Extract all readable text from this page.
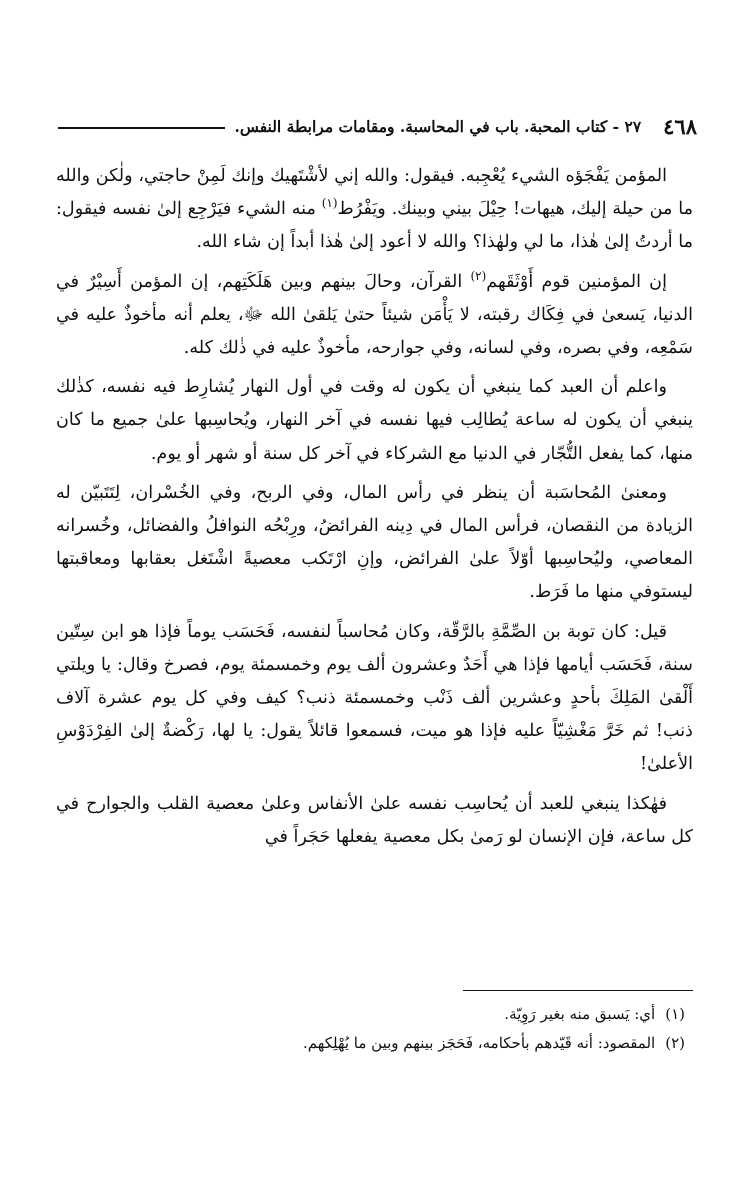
٤٦٨
٢٧ - كتاب المحبة. باب في المحاسبة. ومقامات مرابطة النفس.

المؤمن يَفْجَؤه الشيء يُعْجِبه. فيقول: والله إني لأشْتَهيك وإنك لَمِنْ حاجتي، ولٰكن والله ما من حيلة إليك، هيهات! حِيْلَ بيني وبينك. ويَفْرُط$^{(١)}$ منه الشيء فيَرْجِع إلىٰ نفسه فيقول: ما أردتُ إلىٰ هٰذا، ما لي ولهٰذا؟ والله لا أعود إلىٰ هٰذا أبداً إن شاء الله.

إن المؤمنين قوم أَوْثَقَهم$^{(٢)}$ القرآن، وحالَ بينهم وبين هَلَكَتِهم، إن المؤمن أَسِيْرٌ في الدنيا، يَسعىٰ في فِكَاك رقبته، لا يَأْمَن شيئاً حتىٰ يَلقىٰ الله ﷻ، يعلم أنه مأخوذٌ عليه في سَمْعِه، وفي بصره، وفي لسانه، وفي جوارحه، مأخوذٌ عليه في ذٰلك كله.

واعلم أن العبد كما ينبغي أن يكون له وقت في أول النهار يُشارِط فيه نفسه، كذٰلك ينبغي أن يكون له ساعة يُطالِب فيها نفسه في آخر النهار، ويُحاسِبها علىٰ جميع ما كان منها، كما يفعل التُّجّار في الدنيا مع الشركاء في آخر كل سنة أو شهر أو يوم.

ومعنىٰ المُحاسَبة أن ينظر في رأس المال، وفي الربح، وفي الخُسْران، لِتَتَبيّن له الزيادة من النقصان، فرأس المال في دِينه الفرائضُ، ورِبْحُه النوافلُ والفضائل، وخُسرانه المعاصي، وليُحاسِبها أوّلاً علىٰ الفرائض، وإنِ ارْتَكب معصيةً اشْتَغل بعقابها ومعاقبتها ليستوفي منها ما فَرَط.

قيل: كان توبة بن الصِّمَّةِ بالرَّقّة، وكان مُحاسباً لنفسه، فَحَسَب يوماً فإذا هو ابن سِتّين سنة، فَحَسَب أيامها فإذا هي أَحَدٌ وعشرون ألف يوم وخمسمئة يوم، فصرخ وقال: يا ويلتي أَلْقىٰ المَلِكَ بأحدٍ وعشرين ألف ذَنْب وخمسمئة ذنب؟ كيف وفي كل يوم عشرة آلاف ذنب! ثم خَرَّ مَغْشِيّاً عليه فإذا هو ميت، فسمعوا قائلاً يقول: يا لها، رَكْضةٌ إلىٰ الفِرْدَوْسِ الأعلىٰ!

فهٰكذا ينبغي للعبد أن يُحاسِب نفسه علىٰ الأنفاس وعلىٰ معصية القلب والجوارح في كل ساعة، فإن الإنسان لو رَمىٰ بكل معصية يفعلها حَجَراً في

(١)أي: يَسبق منه بغير رَوِيّة.

(٢)المقصود: أنه قَيّدهم بأحكامه، فَحَجَز بينهم وبين ما يُهْلِكهم.
